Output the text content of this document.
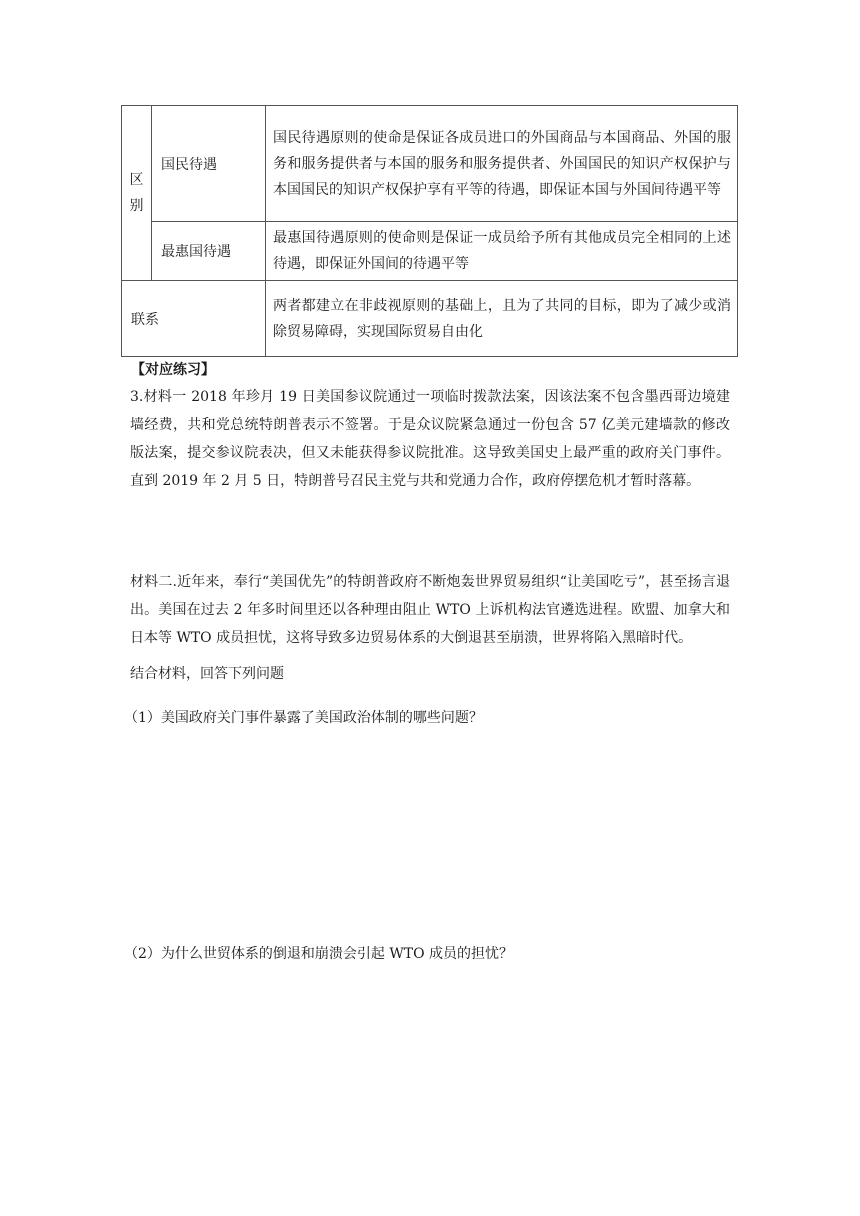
区
别	国民待遇	国民待遇原则的使命是保证各成员进口的外国商品与本国商品、外国的服务和服务提供者与本国的服务和服务提供者、外国国民的知识产权保护与本国国民的知识产权保护享有平等的待遇，即保证本国与外国间待遇平等
	最惠国待遇	最惠国待遇原则的使命则是保证一成员给予所有其他成员完全相同的上述待遇，即保证外国间的待遇平等
联系		两者都建立在非歧视原则的基础上，且为了共同的目标，即为了减少或消除贸易障碍，实现国际贸易自由化
【对应练习】

3.材料一 2018 年珍月 19 日美国参议院通过一项临时拨款法案，因该法案不包含墨西哥边境建墙经费，共和党总统特朗普表示不签署。于是众议院紧急通过一份包含 57 亿美元建墙款的修改版法案，提交参议院表决，但又未能获得参议院批准。这导致美国史上最严重的政府关门事件。直到 2019 年 2 月 5 日，特朗普号召民主党与共和党通力合作，政府停摆危机才暂时落幕。

材料二.近年来，奉行“美国优先”的特朗普政府不断炮轰世界贸易组织“让美国吃亏”，甚至扬言退出。美国在过去 2 年多时间里还以各种理由阻止 WTO 上诉机构法官遴选进程。欧盟、加拿大和日本等 WTO 成员担忧，这将导致多边贸易体系的大倒退甚至崩溃，世界将陷入黑暗时代。

结合材料，回答下列问题

（1）美国政府关门事件暴露了美国政治体制的哪些问题？

（2）为什么世贸体系的倒退和崩溃会引起 WTO 成员的担忧？
